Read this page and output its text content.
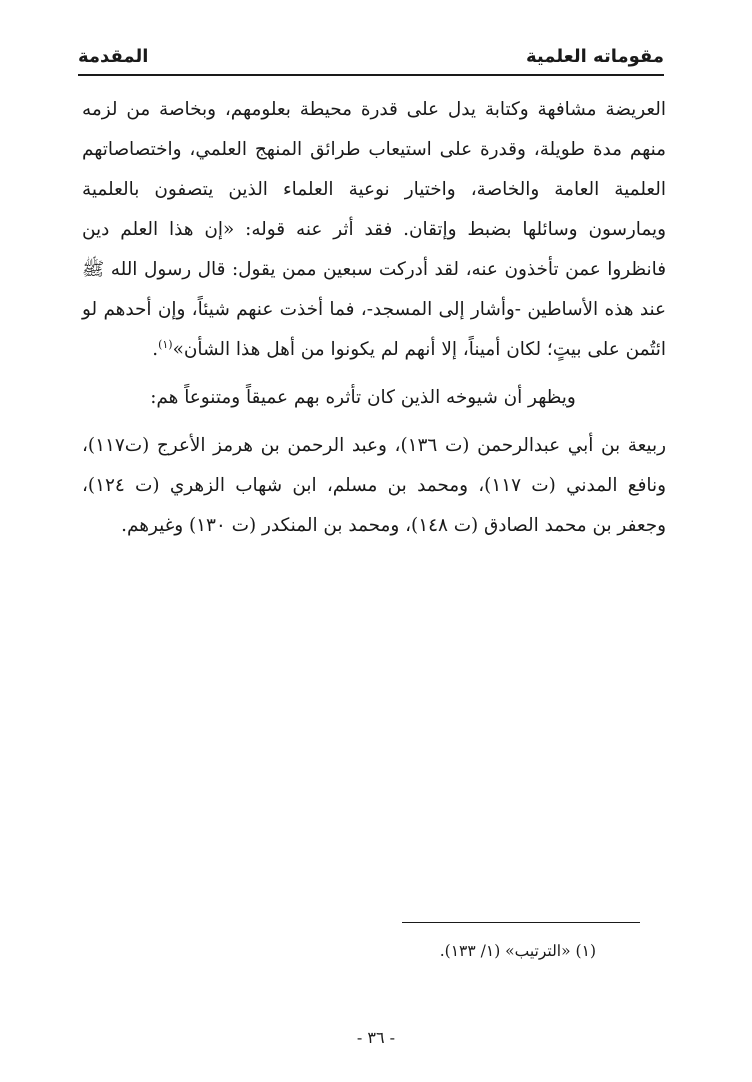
مقوماته العلمية
المقدمة

العريضة مشافهة وكتابة يدل على قدرة محيطة بعلومهم، وبخاصة من لزمه منهم مدة طويلة، وقدرة على استيعاب طرائق المنهج العلمي، واختصاصاتهم العلمية العامة والخاصة، واختيار نوعية العلماء الذين يتصفون بالعلمية ويمارسون وسائلها بضبط وإتقان. فقد أثر عنه قوله: «إن هذا العلم دين فانظروا عمن تأخذون عنه، لقد أدركت سبعين ممن يقول: قال رسول الله ﷺ عند هذه الأساطين -وأشار إلى المسجد-، فما أخذت عنهم شيئاً، وإن أحدهم لو ائتُمن على بيتٍ؛ لكان أميناً، إلا أنهم لم يكونوا من أهل هذا الشأن»$^{(١)}$.

ويظهر أن شيوخه الذين كان تأثره بهم عميقاً ومتنوعاً هم:

ربيعة بن أبي عبدالرحمن (ت ١٣٦)، وعبد الرحمن بن هرمز الأعرج (ت١١٧)، ونافع المدني (ت ١١٧)، ومحمد بن مسلم، ابن شهاب الزهري (ت ١٢٤)، وجعفر بن محمد الصادق (ت ١٤٨)، ومحمد بن المنكدر (ت ١٣٠) وغيرهم.

(١) «الترتيب» (١/ ١٣٣).
- ٣٦ -
